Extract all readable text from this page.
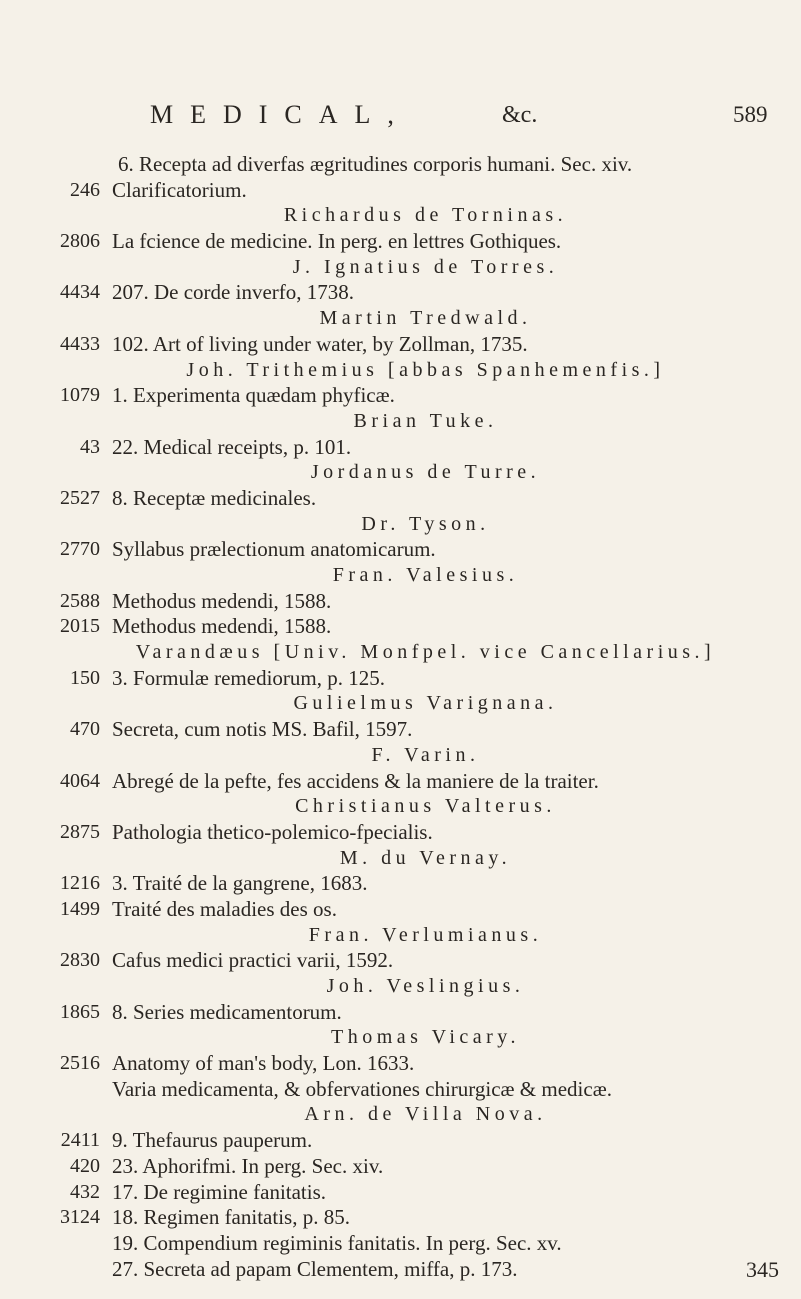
MEDICAL,	&c.	589
6. Recepta ad diverfas ægritudines corporis humani. Sec. xiv.
246 Clarificatorium.
Richardus de Torninas.
2806 La fcience de medicine. In perg. en lettres Gothiques.
J. Ignatius de Torres.
4434 207. De corde inverfo, 1738.
Martin Tredwald.
4433 102. Art of living under water, by Zollman, 1735.
Joh. Trithemius [abbas Spanhemenfis.]
1079 1. Experimenta quædam phyficæ.
Brian Tuke.
43 22. Medical receipts, p. 101.
Jordanus de Turre.
2527 8. Receptæ medicinales.
Dr. Tyson.
2770 Syllabus prælectionum anatomicarum.
Fran. Valesius.
2588 Methodus medendi, 1588.
2015 Methodus medendi, 1588.
Varandæus [Univ. Monfpel. vice Cancellarius.]
150 3. Formulæ remediorum, p. 125.
Gulielmus Varignana.
470 Secreta, cum notis MS. Bafil, 1597.
F. Varin.
4064 Abregé de la pefte, fes accidens & la maniere de la traiter.
Christianus Valterus.
2875 Pathologia thetico-polemico-fpecialis.
M. du Vernay.
1216 3. Traité de la gangrene, 1683.
1499 Traité des maladies des os.
Fran. Verlumianus.
2830 Cafus medici practici varii, 1592.
Joh. Veslingius.
1865 8. Series medicamentorum.
Thomas Vicary.
2516 Anatomy of man's body, Lon. 1633.
Varia medicamenta, & obfervationes chirurgicæ & medicæ.
Arn. de Villa Nova.
2411 9. Thefaurus pauperum.
420 23. Aphorifmi. In perg. Sec. xiv.
432 17. De regimine fanitatis.
3124 18. Regimen fanitatis, p. 85.
19. Compendium regiminis fanitatis. In perg. Sec. xv.
27. Secreta ad papam Clementem, miffa, p. 173.	345
